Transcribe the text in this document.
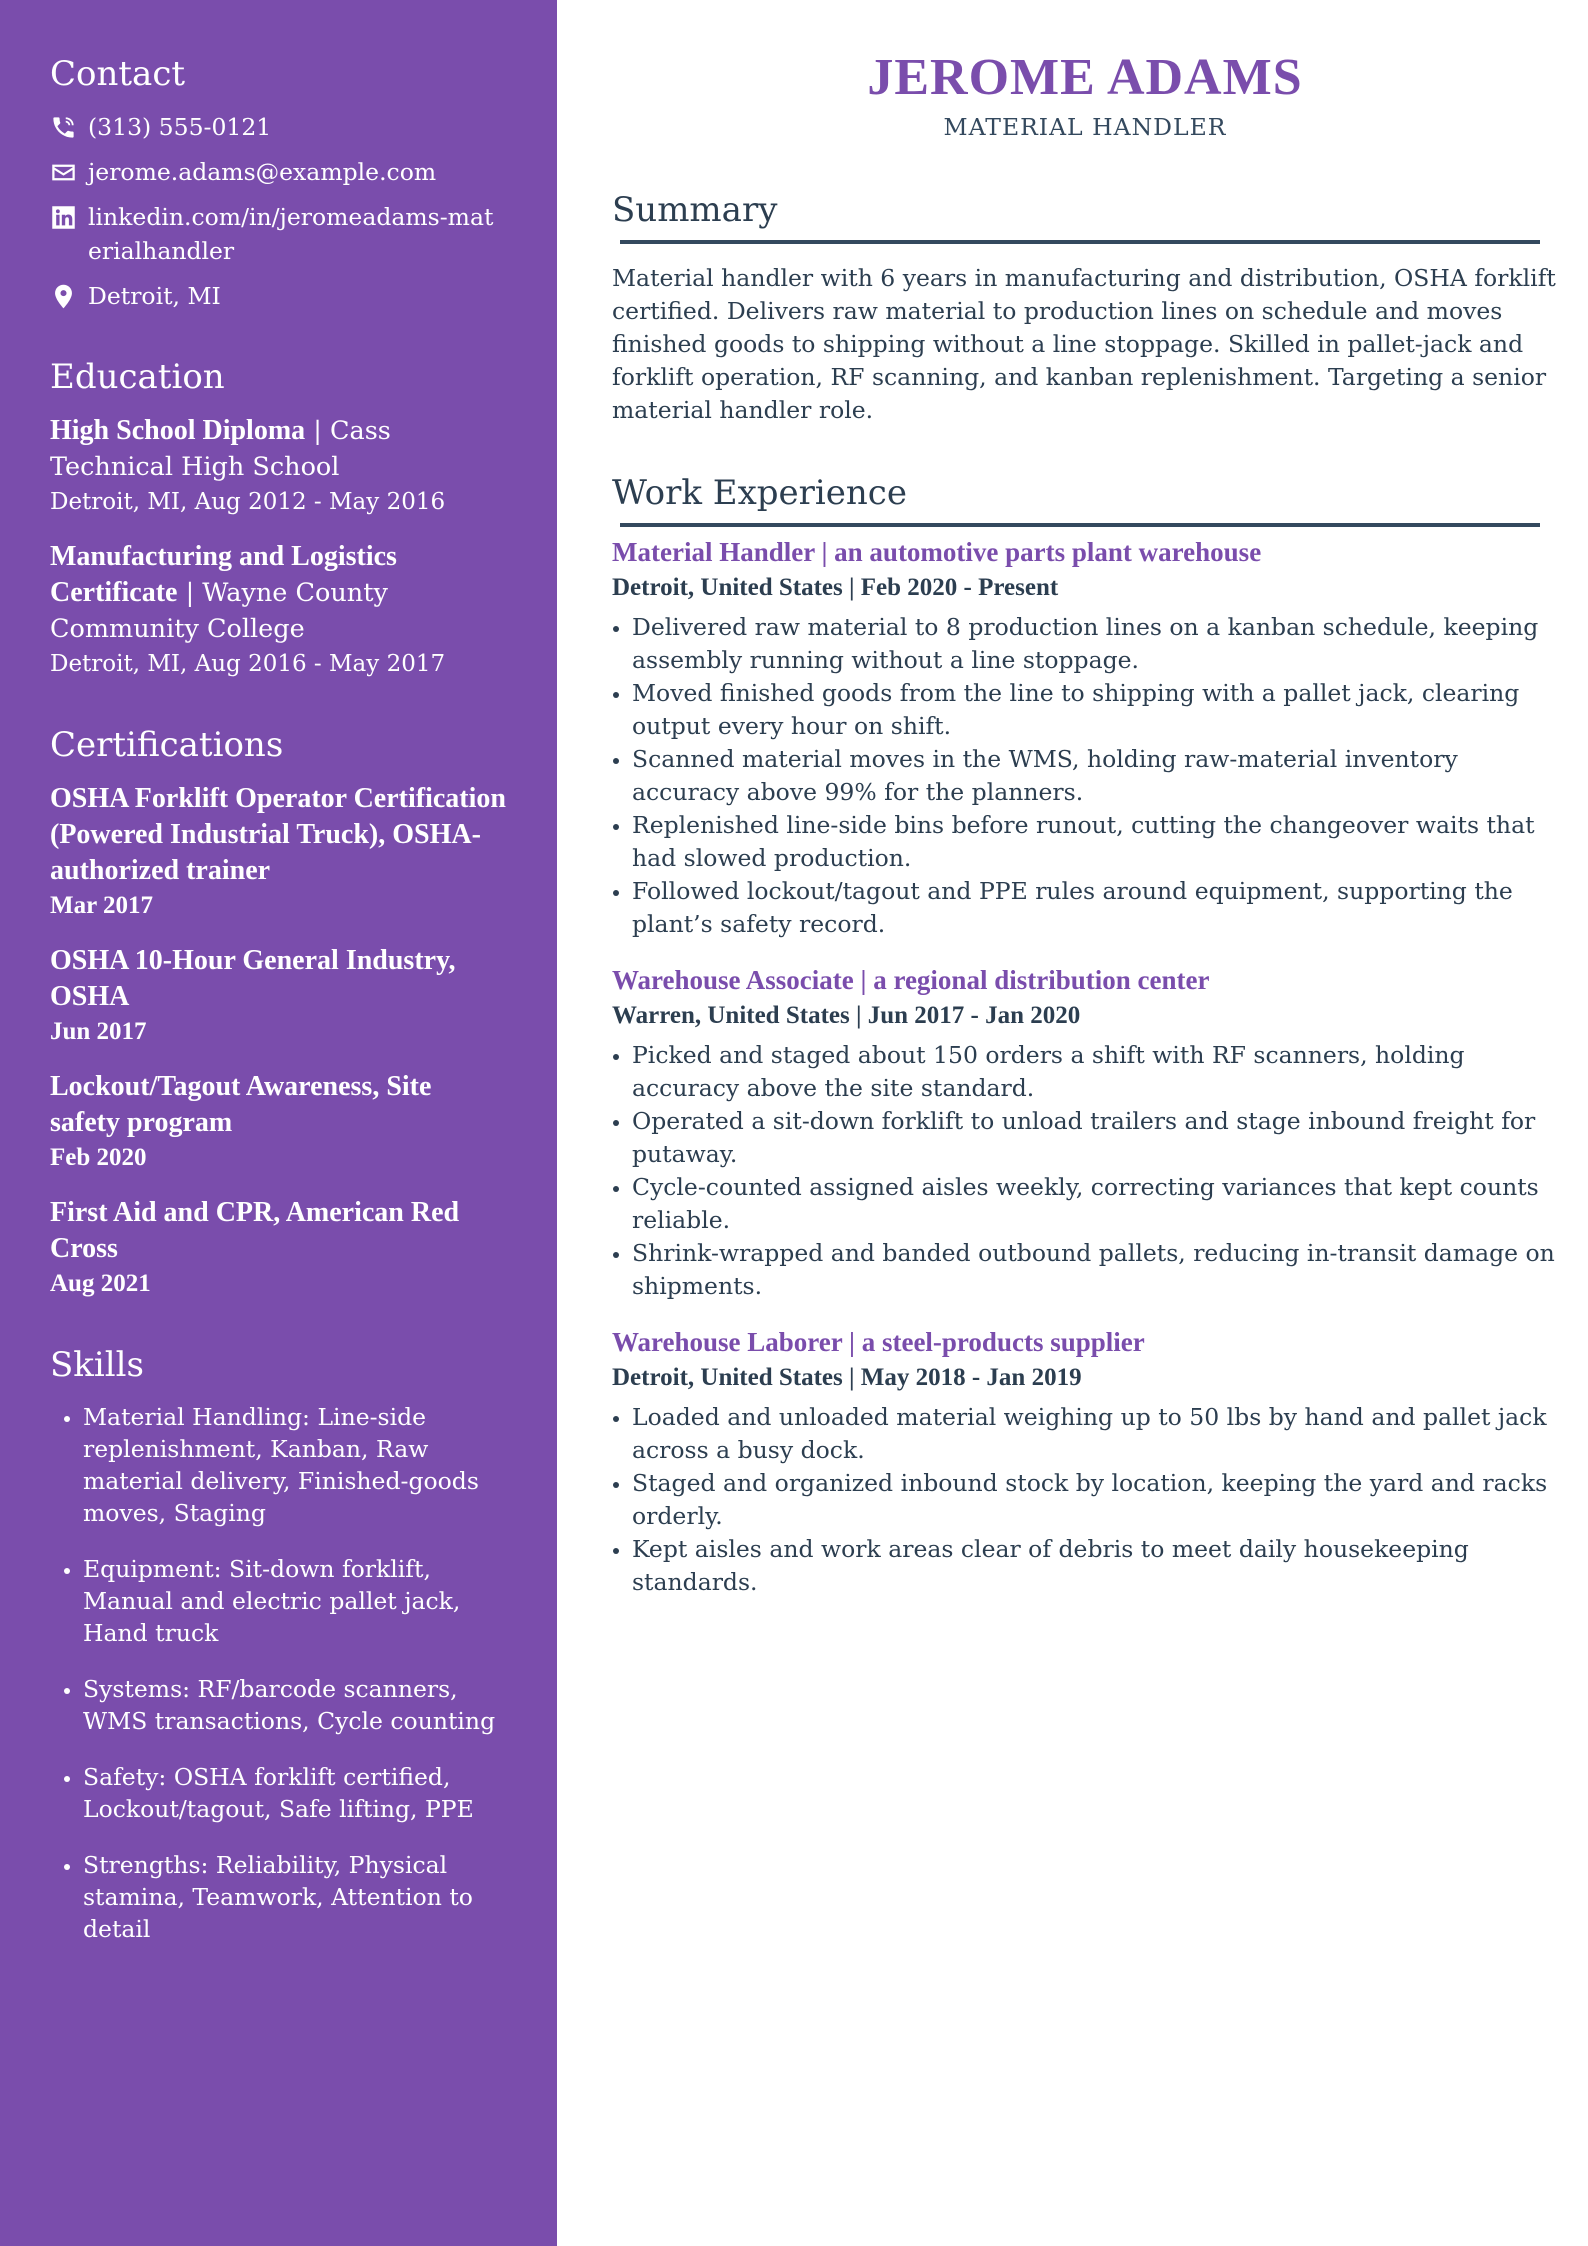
Contact
(313) 555-0121
jerome.adams@example.com
linkedin.com/in/jeromeadams-materialhandler
Detroit, MI
Education
High School Diploma | Cass Technical High School
Detroit, MI, Aug 2012 - May 2016
Manufacturing and Logistics Certificate | Wayne County Community College
Detroit, MI, Aug 2016 - May 2017
Certifications
OSHA Forklift Operator Certification (Powered Industrial Truck), OSHA-authorized trainer
Mar 2017
OSHA 10-Hour General Industry, OSHA
Jun 2017
Lockout/Tagout Awareness, Site safety program
Feb 2020
First Aid and CPR, American Red Cross
Aug 2021
Skills
• Material Handling: Line-side replenishment, Kanban, Raw material delivery, Finished-goods moves, Staging
• Equipment: Sit-down forklift, Manual and electric pallet jack, Hand truck
• Systems: RF/barcode scanners, WMS transactions, Cycle counting
• Safety: OSHA forklift certified, Lockout/tagout, Safe lifting, PPE
• Strengths: Reliability, Physical stamina, Teamwork, Attention to detail
JEROME ADAMS
MATERIAL HANDLER
Summary

Material handler with 6 years in manufacturing and distribution, OSHA forklift certified. Delivers raw material to production lines on schedule and moves finished goods to shipping without a line stoppage. Skilled in pallet-jack and forklift operation, RF scanning, and kanban replenishment. Targeting a senior material handler role.

Work Experience
Material Handler | an automotive parts plant warehouse
Detroit, United States | Feb 2020 - Present
• Delivered raw material to 8 production lines on a kanban schedule, keeping assembly running without a line stoppage.
• Moved finished goods from the line to shipping with a pallet jack, clearing output every hour on shift.
• Scanned material moves in the WMS, holding raw-material inventory accuracy above 99% for the planners.
• Replenished line-side bins before runout, cutting the changeover waits that had slowed production.
• Followed lockout/tagout and PPE rules around equipment, supporting the plant’s safety record.
Warehouse Associate | a regional distribution center
Warren, United States | Jun 2017 - Jan 2020
• Picked and staged about 150 orders a shift with RF scanners, holding accuracy above the site standard.
• Operated a sit-down forklift to unload trailers and stage inbound freight for putaway.
• Cycle-counted assigned aisles weekly, correcting variances that kept counts reliable.
• Shrink-wrapped and banded outbound pallets, reducing in-transit damage on shipments.
Warehouse Laborer | a steel-products supplier
Detroit, United States | May 2018 - Jan 2019
• Loaded and unloaded material weighing up to 50 lbs by hand and pallet jack across a busy dock.
• Staged and organized inbound stock by location, keeping the yard and racks orderly.
• Kept aisles and work areas clear of debris to meet daily housekeeping standards.
